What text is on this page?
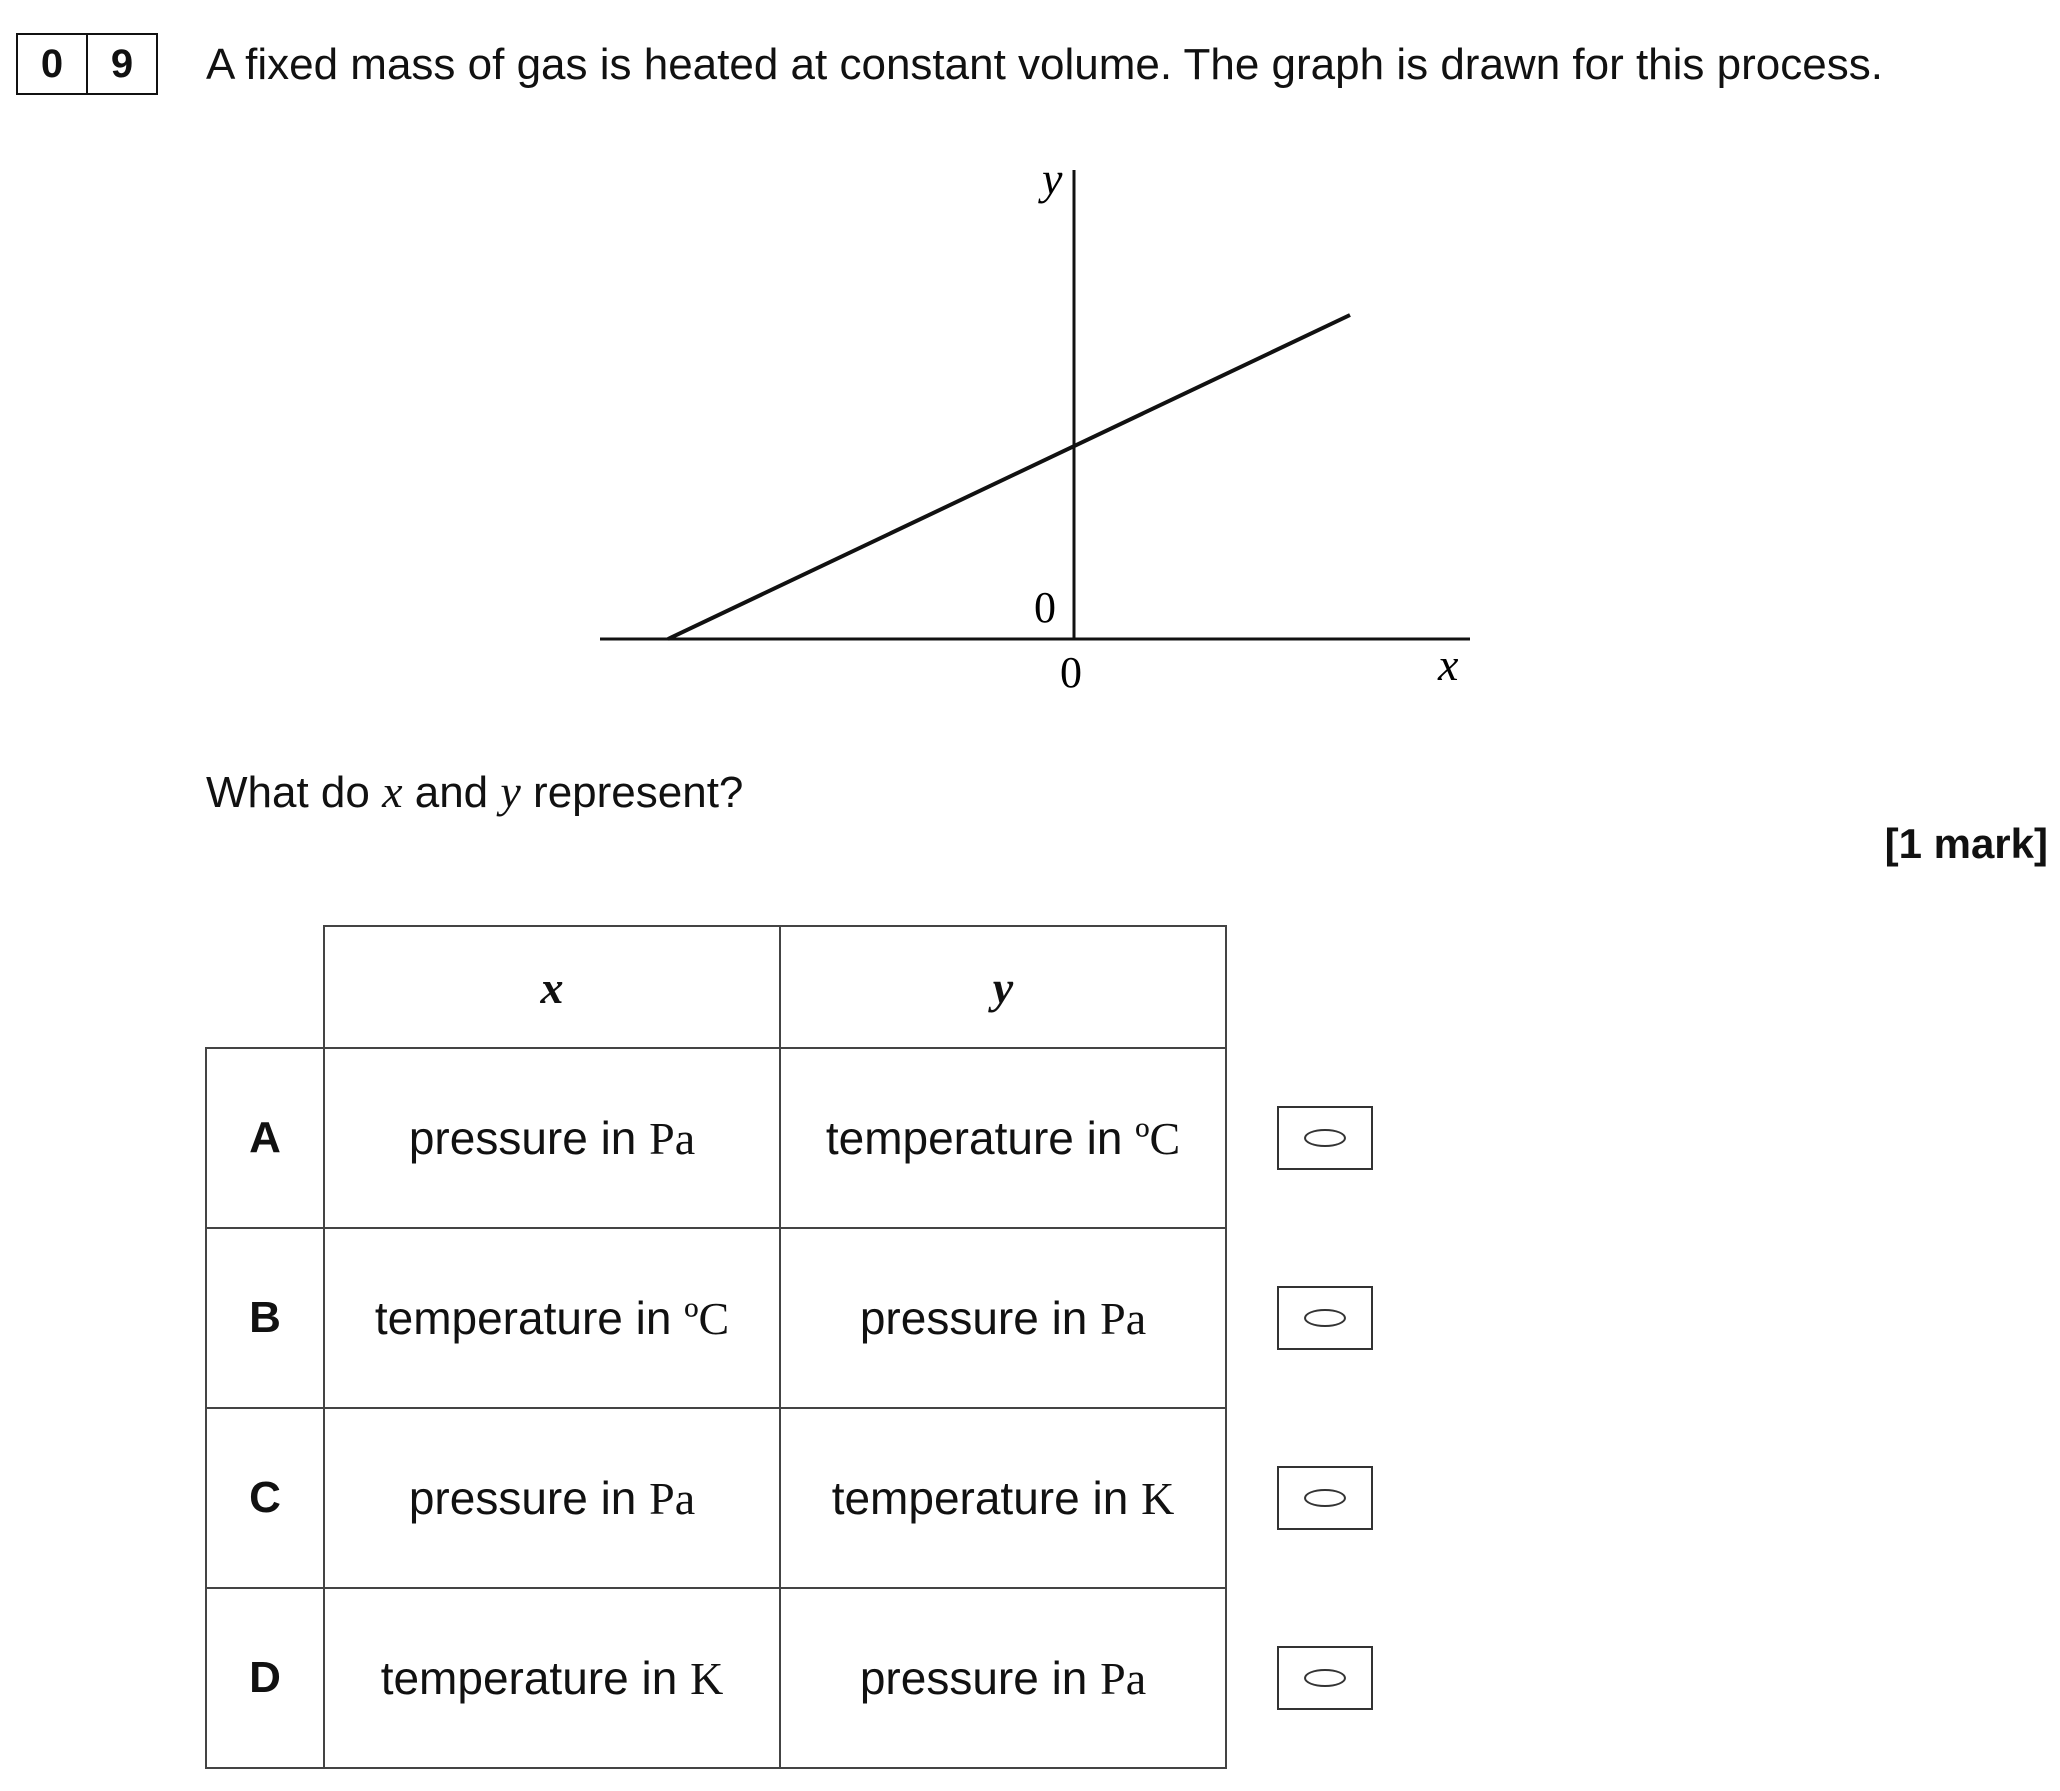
0	9	A fixed mass of gas is heated at constant volume. The graph is drawn for this process.
y
x
0
0
What do x and y represent?
[1 mark]
	x	y
A	pressure in Pa	temperature in ºC
B	temperature in ºC	pressure in Pa
C	pressure in Pa	temperature in K
D	temperature in K	pressure in Pa
